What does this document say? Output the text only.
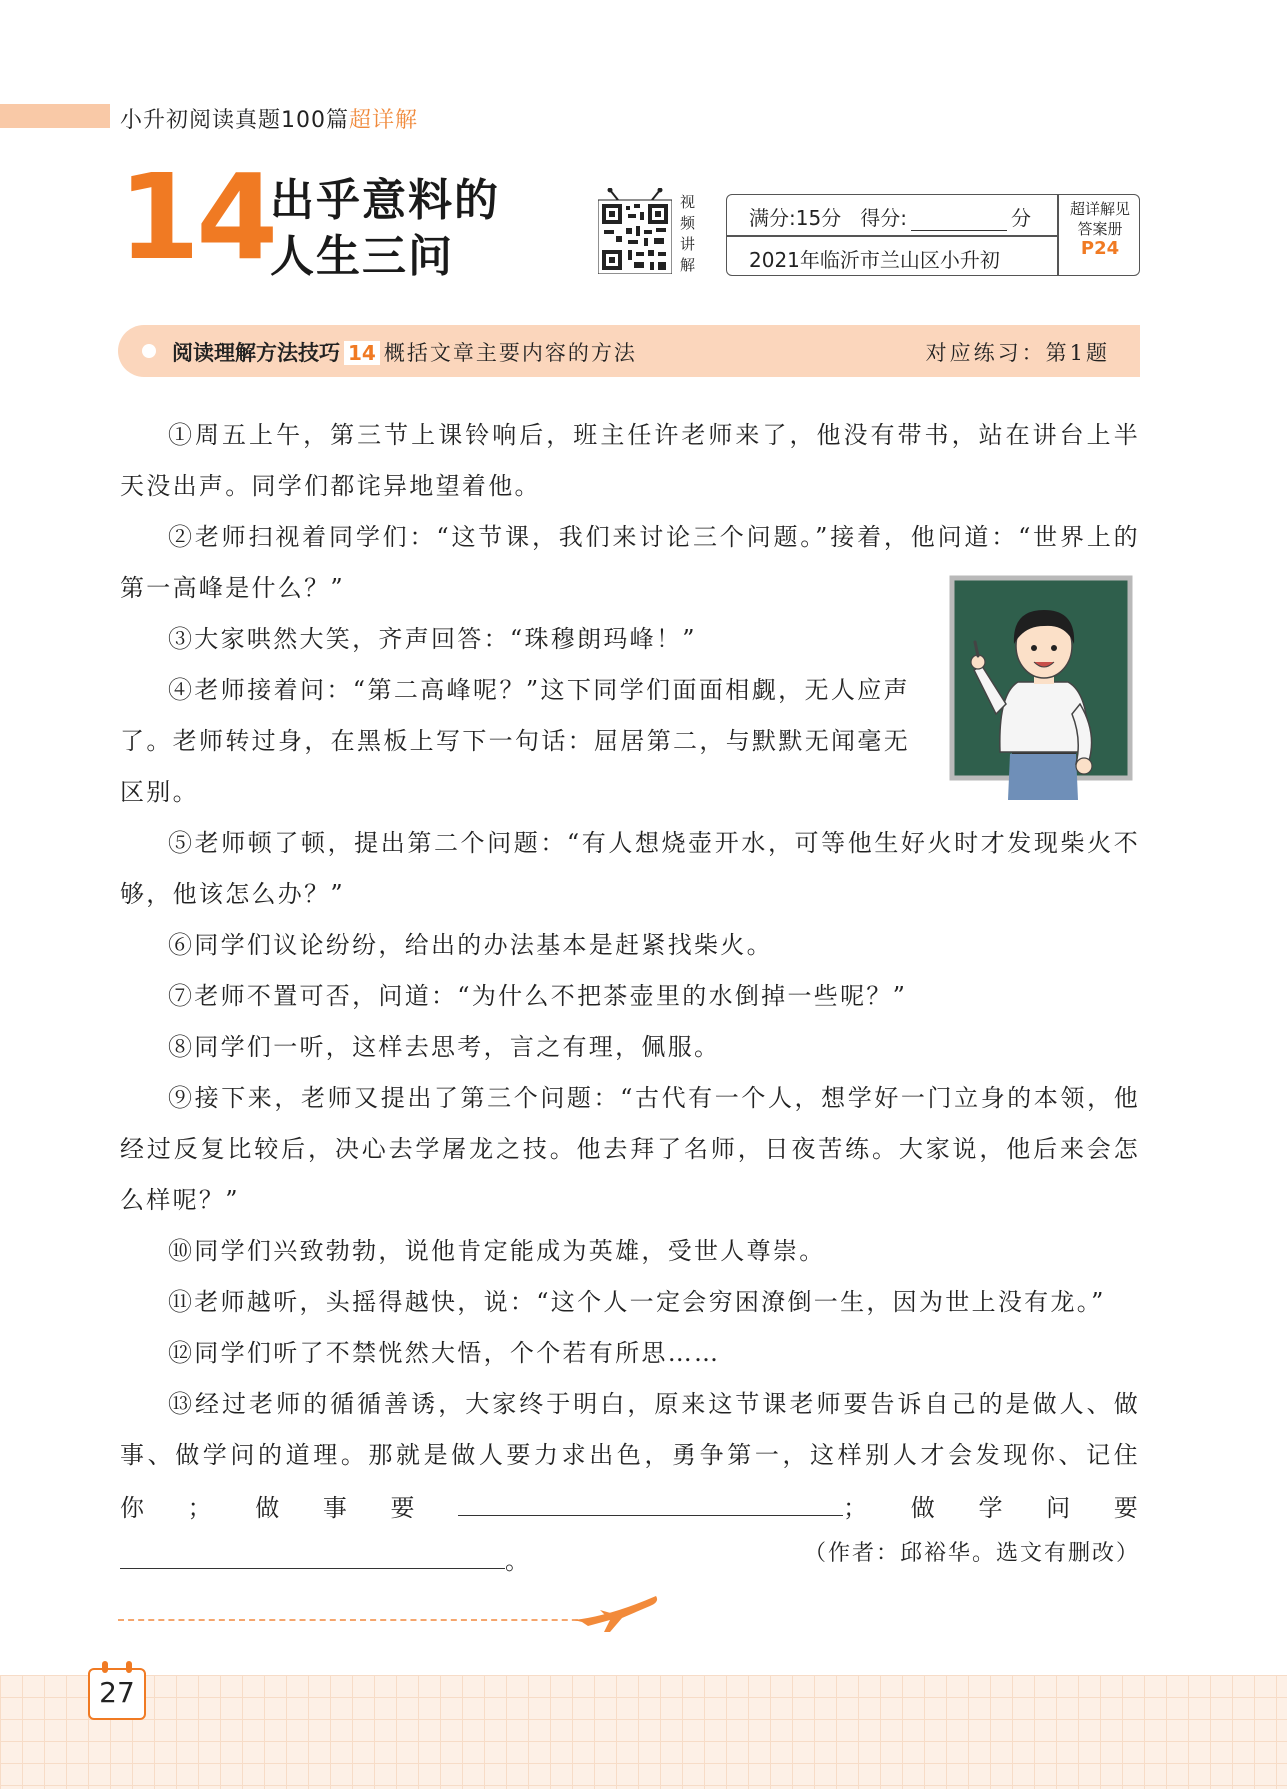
小升初阅读真题100篇超详解
14
出乎意料的
人生三问
视
频
讲
解
满分:15分 得分:	分
2021年临沂市兰山区小升初
超详解见
答案册
P24
阅读理解方法技巧 14 概括文章主要内容的方法	对应练习：第1题

①周五上午，第三节上课铃响后，班主任许老师来了，他没有带书，站在讲台上半天没出声。同学们都诧异地望着他。

②老师扫视着同学们：“这节课，我们来讨论三个问题。”接着，他问道：“世界上的第一高峰是什么？”

③大家哄然大笑，齐声回答：“珠穆朗玛峰！”

④老师接着问：“第二高峰呢？”这下同学们面面相觑，无人应声了。老师转过身，在黑板上写下一句话：屈居第二，与默默无闻毫无区别。

⑤老师顿了顿，提出第二个问题：“有人想烧壶开水，可等他生好火时才发现柴火不够，他该怎么办？”

⑥同学们议论纷纷，给出的办法基本是赶紧找柴火。

⑦老师不置可否，问道：“为什么不把茶壶里的水倒掉一些呢？”

⑧同学们一听，这样去思考，言之有理，佩服。

⑨接下来，老师又提出了第三个问题：“古代有一个人，想学好一门立身的本领，他经过反复比较后，决心去学屠龙之技。他去拜了名师，日夜苦练。大家说，他后来会怎么样呢？”

⑩同学们兴致勃勃，说他肯定能成为英雄，受世人尊崇。

⑪老师越听，头摇得越快，说：“这个人一定会穷困潦倒一生，因为世上没有龙。”

⑫同学们听了不禁恍然大悟，个个若有所思……

⑬经过老师的循循善诱，大家终于明白，原来这节课老师要告诉自己的是做人、做事、做学问的道理。那就是做人要力求出色，勇争第一，这样别人才会发现你、记住你；做事要	；做学问要。	（作者：邱裕华。选文有删改）
27
